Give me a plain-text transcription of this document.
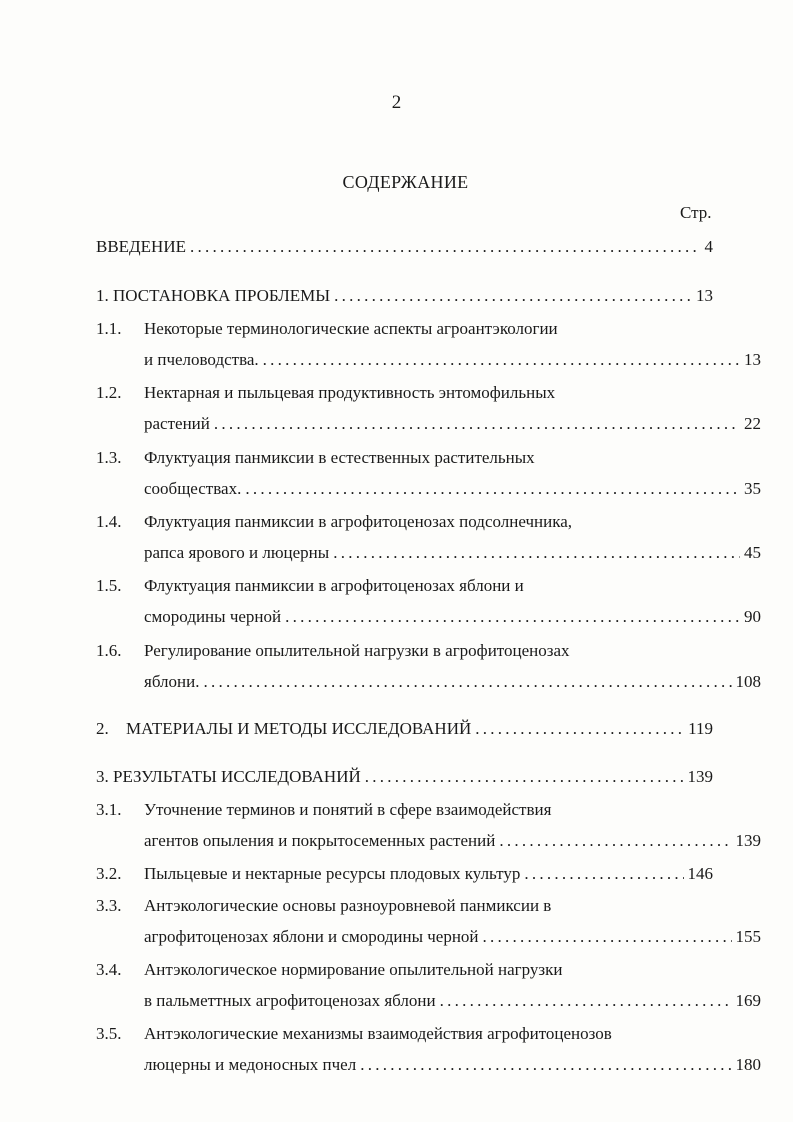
2
СОДЕРЖАНИЕ
Стр.
ВВЕДЕНИЕ . . .	4
1. ПОСТАНОВКА ПРОБЛЕМЫ . . .	13
1.1.	Некоторые терминологические аспекты агроантэкологии
и пчеловодства. . . .	13
1.2.	Нектарная и пыльцевая продуктивность энтомофильных
растений . . .	22
1.3.	Флуктуация панмиксии в естественных растительных
сообществах. . . .	35
1.4.	Флуктуация панмиксии в агрофитоценозах подсолнечника,
рапса ярового и люцерны . . .	45
1.5.	Флуктуация панмиксии в агрофитоценозах яблони и
смородины черной . . .	90
1.6.	Регулирование опылительной нагрузки в агрофитоценозах
яблони. . . .	108
2.	МАТЕРИАЛЫ И МЕТОДЫ ИССЛЕДОВАНИЙ . . .	119
3. РЕЗУЛЬТАТЫ ИССЛЕДОВАНИЙ . . .	139
3.1.	Уточнение терминов и понятий в сфере взаимодействия
агентов опыления и покрытосеменных растений . . .	139
3.2.	Пыльцевые и нектарные ресурсы плодовых культур . . .	146
3.3.	Антэкологические основы разноуровневой панмиксии в
агрофитоценозах яблони и смородины черной . . .	155
3.4.	Антэкологическое нормирование опылительной нагрузки
в пальметтных агрофитоценозах яблони . . .	169
3.5.	Антэкологические механизмы взаимодействия агрофитоценозов
люцерны и медоносных пчел . . .	180
